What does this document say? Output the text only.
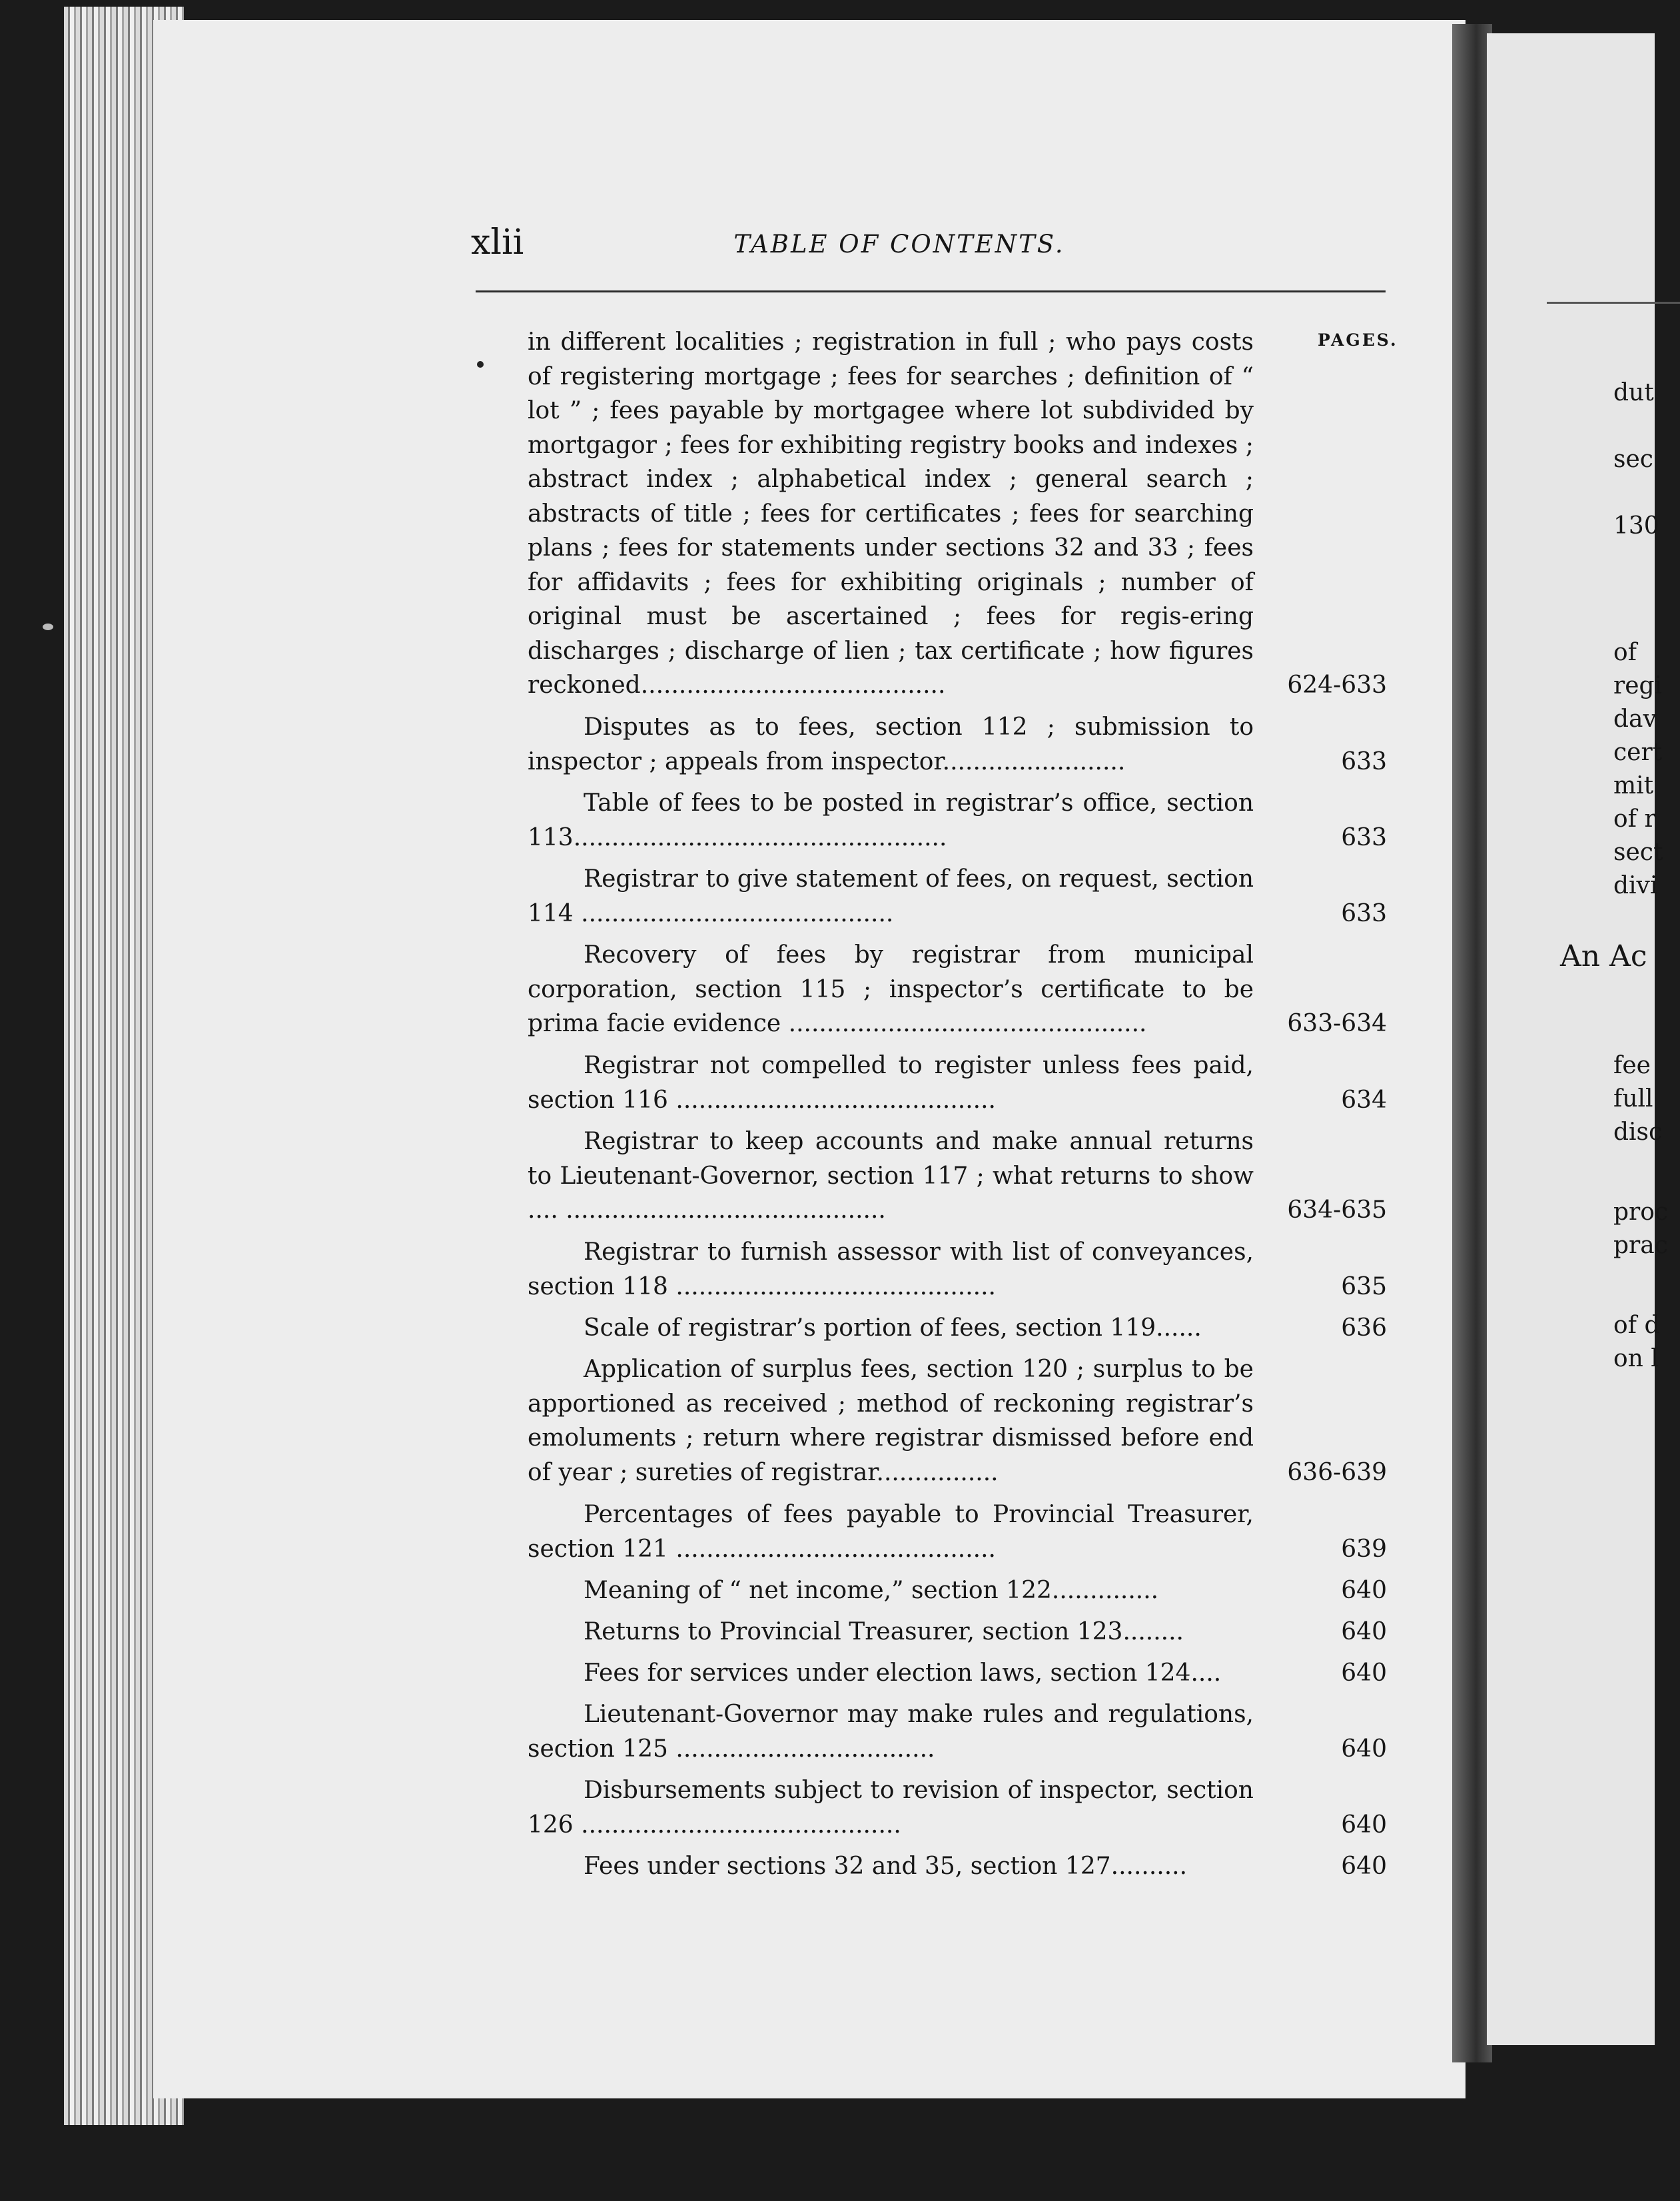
dut
sec
130
of
regi
dav
cert
mit
of r
sect
divi
An Ac
fee
full
disc
proc
prac
of d
on l
xlii	TABLE OF CONTENTS.
PAGES.
in different localities ; registration in full ; who pays costs of registering mortgage ; fees for searches ; definition of “ lot ” ; fees payable by mortgagee where lot subdivided by mortgagor ; fees for exhibiting registry books and indexes ; abstract index ; alphabetical index ; general search ; abstracts of title ; fees for certificates ; fees for searching plans ; fees for statements under sections 32 and 33 ; fees for affidavits ; fees for exhibiting originals ; number of original must be ascertained ; fees for regis-ering discharges ; discharge of lien ; tax certificate ; how figures reckoned........................................	624-633
Disputes as to fees, section 112 ; submission to inspector ; appeals from inspector........................	633
Table of fees to be posted in registrar’s office, section 113.................................................	633
Registrar to give statement of fees, on request, section 114 .........................................	633
Recovery of fees by registrar from municipal corporation, section 115 ; inspector’s certificate to be prima facie evidence ...............................................	633-634
Registrar not compelled to register unless fees paid, section 116 ..........................................	634
Registrar to keep accounts and make annual returns to Lieutenant-Governor, section 117 ; what returns to show .... ..........................................	634-635
Registrar to furnish assessor with list of conveyances, section 118 ..........................................	635
Scale of registrar’s portion of fees, section 119......	636
Application of surplus fees, section 120 ; surplus to be apportioned as received ; method of reckoning registrar’s emoluments ; return where registrar dismissed before end of year ; sureties of registrar................	636-639
Percentages of fees payable to Provincial Treasurer, section 121 ..........................................	639
Meaning of “ net income,” section 122..............	640
Returns to Provincial Treasurer, section 123........	640
Fees for services under election laws, section 124....	640
Lieutenant-Governor may make rules and regulations, section 125 ..................................	640
Disbursements subject to revision of inspector, section 126 ..........................................	640
Fees under sections 32 and 35, section 127..........	640
